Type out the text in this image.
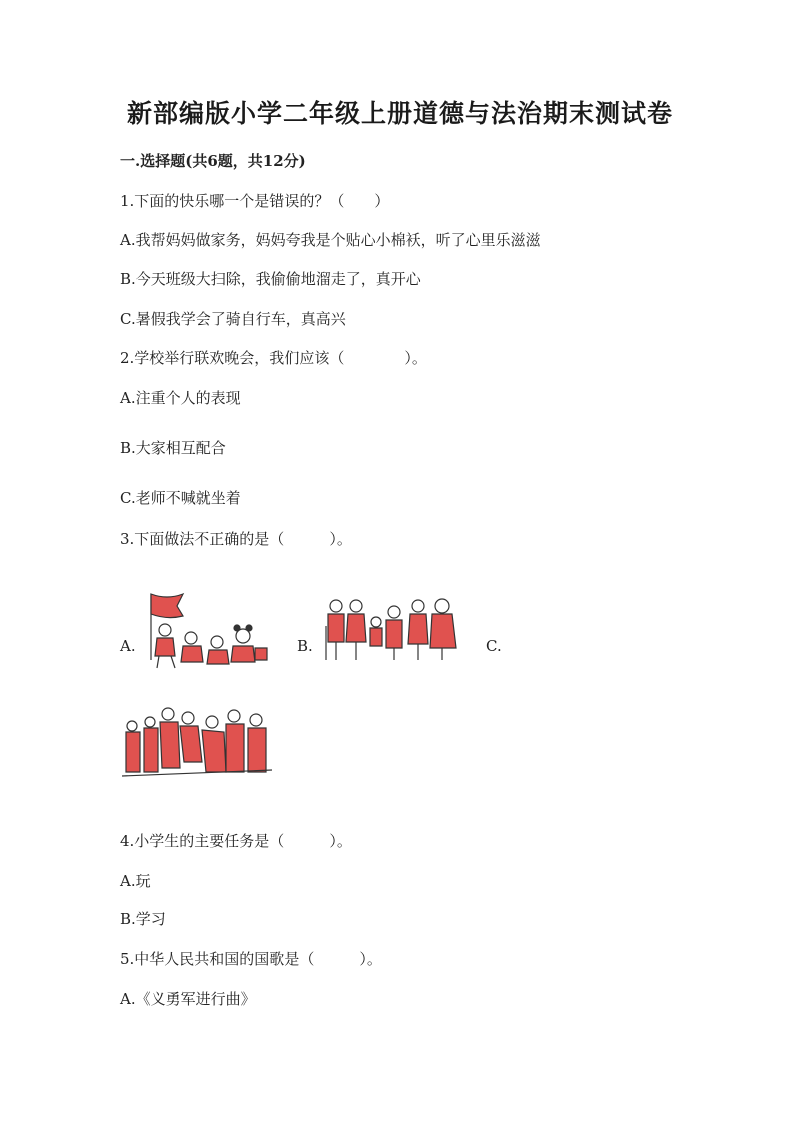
新部编版小学二年级上册道德与法治期末测试卷
一.选择题(共6题，共12分)
1.下面的快乐哪一个是错误的？（　　）
A.我帮妈妈做家务，妈妈夸我是个贴心小棉袄，听了心里乐滋滋
B.今天班级大扫除，我偷偷地溜走了，真开心
C.暑假我学会了骑自行车，真高兴
2.学校举行联欢晚会，我们应该（　　　　）。
A.注重个人的表现
B.大家相互配合
C.老师不喊就坐着
3.下面做法不正确的是（　　　）。
A.	B.	C.
4.小学生的主要任务是（　　　）。
A.玩
B.学习
5.中华人民共和国的国歌是（　　　）。
A.《义勇军进行曲》
